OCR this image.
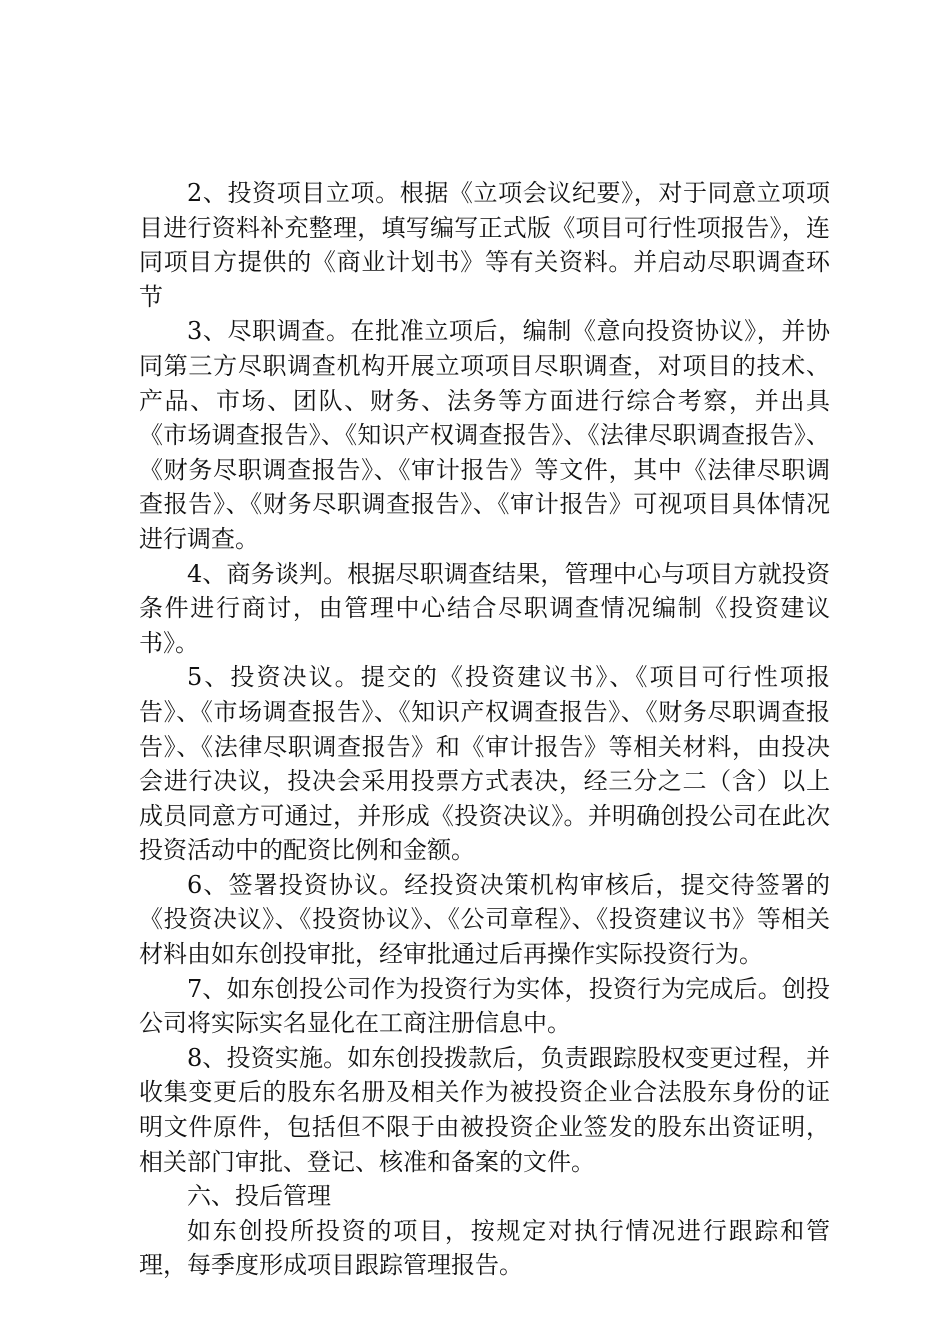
2、投资项目立项。根据《立项会议纪要》，对于同意立项项目进行资料补充整理，填写编写正式版《项目可行性项报告》，连同项目方提供的《商业计划书》等有关资料。并启动尽职调查环节

3、尽职调查。在批准立项后，编制《意向投资协议》，并协同第三方尽职调查机构开展立项项目尽职调查，对项目的技术、产品、市场、团队、财务、法务等方面进行综合考察，并出具《市场调查报告》、《知识产权调查报告》、《法律尽职调查报告》、《财务尽职调查报告》、《审计报告》等文件，其中《法律尽职调查报告》、《财务尽职调查报告》、《审计报告》可视项目具体情况进行调查。

4、商务谈判。根据尽职调查结果，管理中心与项目方就投资条件进行商讨，由管理中心结合尽职调查情况编制《投资建议书》。

5、投资决议。提交的《投资建议书》、《项目可行性项报告》、《市场调查报告》、《知识产权调查报告》、《财务尽职调查报告》、《法律尽职调查报告》和《审计报告》等相关材料，由投决会进行决议，投决会采用投票方式表决，经三分之二（含）以上成员同意方可通过，并形成《投资决议》。并明确创投公司在此次投资活动中的配资比例和金额。

6、签署投资协议。经投资决策机构审核后，提交待签署的《投资决议》、《投资协议》、《公司章程》、《投资建议书》等相关材料由如东创投审批，经审批通过后再操作实际投资行为。

7、如东创投公司作为投资行为实体，投资行为完成后。创投公司将实际实名显化在工商注册信息中。

8、投资实施。如东创投拨款后，负责跟踪股权变更过程，并收集变更后的股东名册及相关作为被投资企业合法股东身份的证明文件原件，包括但不限于由被投资企业签发的股东出资证明，相关部门审批、登记、核准和备案的文件。

六、投后管理

如东创投所投资的项目，按规定对执行情况进行跟踪和管理，每季度形成项目跟踪管理报告。
